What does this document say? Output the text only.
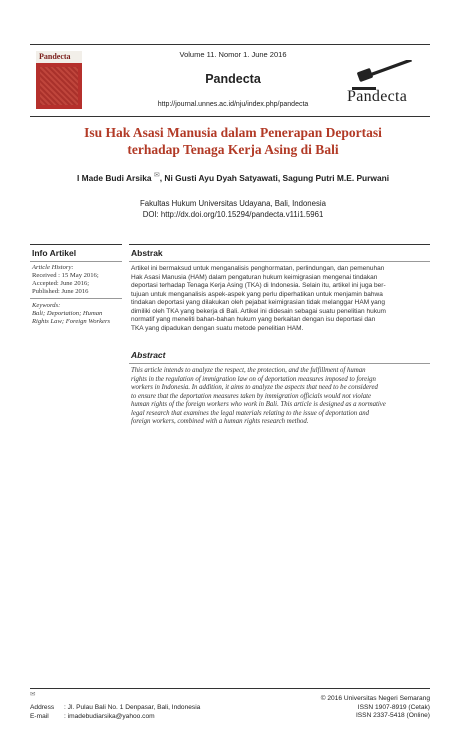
Pandecta	Volume 11. Nomor 1. June 2016
Pandecta
http://journal.unnes.ac.id/nju/index.php/pandecta	Pandecta
Isu Hak Asasi Manusia dalam Penerapan Deportasi
terhadap Tenaga Kerja Asing di Bali
I Made Budi Arsika ✉, Ni Gusti Ayu Dyah Satyawati, Sagung Putri M.E. Purwani
Fakultas Hukum Universitas Udayana, Bali, Indonesia
DOI: http://dx.doi.org/10.15294/pandecta.v11i1.5961
Info Artikel
Article History:
Received : 15 May 2016;
Accepted: June 2016;
Published: June 2016
Keywords:
Bali; Deportation; Human
Rights Law; Foreign Workers
Abstrak
Artikel ini bermaksud untuk menganalisis penghormatan, perlindungan, dan pemenuhan
Hak Asasi Manusia (HAM) dalam pengaturan hukum keimigrasian mengenai tindakan
deportasi terhadap Tenaga Kerja Asing (TKA) di Indonesia. Selain itu, artikel ini juga ber-
tujuan untuk menganalisis aspek-aspek yang perlu diperhatikan untuk menjamin bahwa
tindakan deportasi yang dilakukan oleh pejabat keimigrasian tidak melanggar HAM yang
dimiliki oleh TKA yang bekerja di Bali. Artikel ini didesain sebagai suatu penelitian hukum
normatif yang meneliti bahan-bahan hukum yang berkaitan dengan isu deportasi dan
TKA yang dipadukan dengan suatu metode penelitian HAM.
Abstract
This article intends to analyze the respect, the protection, and the fulfillment of human
rights in the regulation of immigration law on of deportation measures imposed to foreign
workers in Indonesia. In addition, it aims to analyze the aspects that need to be considered
to ensure that the deportation measures taken by immigration officials would not violate
human rights of the foreign workers who work in Bali. This article is designed as a normative
legal research that examines the legal materials relating to the issue of deportation and
foreign workers, combined with a human rights research method.
✉
Address : Jl. Pulau Bali No. 1 Denpasar, Bali, Indonesia
E-mail : imadebudiarsika@yahoo.com
© 2016 Universitas Negeri Semarang
ISSN 1907-8919 (Cetak)
ISSN 2337-5418 (Online)
